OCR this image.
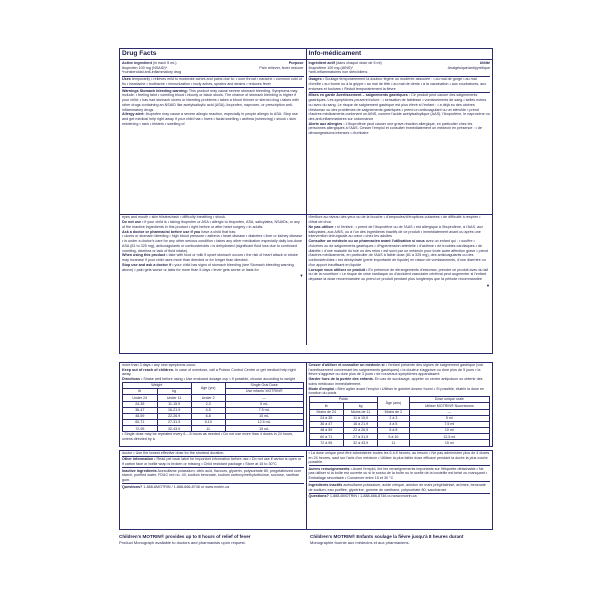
Drug Facts	Info-médicament
Active ingredient (in each 5 mL)	Purpose
Ibuprofen 100 mg (NSAID)*	Pain reliever, fever reducer

*nonsteroidal anti-inflammatory drug

Uses temporarily • relieves mild to moderate aches and pains due to: • sore throat • earache • common cold or flu • headache • toothache • immunization • body aches, sprains and strains • reduces fever

Warnings Stomach bleeding warning: This product may cause severe stomach bleeding. Symptoms may include: • feeling faint • vomiting blood • bloody or black stools. The chance of stomach bleeding is higher if your child: • has had stomach ulcers or bleeding problems • takes a blood thinner or steroid drug • takes with other drugs containing an NSAID like acetylsalicylic acid (ASA), ibuprofen, naproxen, or prescription anti-inflammatory drugs

Allergy alert: Ibuprofen may cause a severe allergic reaction, especially in people allergic to ASA. Stop use and get medical help right away if your child has • hives • facial swelling • asthma (wheezing) • shock • skin reddening • rash • blisters • swelling of

Ingrédient actif (dans chaque dose de 5 ml)	Utilité
Ibuprofène 100 mg (AINS)*	Analgésique/antipyrétique

*anti-inflammatoires non stéroïdiens

Usages • Soulage temporairement la douleur légère ou modérée associée : • au mal de gorge • au mal d'oreille • au rhume ou à la grippe • au mal de tête • au mal de dents • à la vaccination • aux courbatures, aux entorses et foulures • Réduit temporairement la fièvre

Mises en garde Avertissement – saignements gastriques : Ce produit peut causer des saignements gastriques. Les symptômes peuvent inclure : • sensation de faiblesse • vomissements de sang • selles noires ou avec du sang. Le risque de saignement gastrique est plus élevé si l'enfant : • a déjà eu des ulcères d'estomac ou des problèmes de saignements gastriques • prend un anticoagulant ou un stéroïde • prend d'autres médicaments contenant un AINS, comme l'acide acétylsalicylique (AAS), l'ibuprofène, le naproxène ou des anti-inflammatoires sur ordonnance

Alerte aux allergies : L'ibuprofène peut causer une grave réaction allergique, en particulier chez les personnes allergiques à l'AAS. Cesser l'emploi et consulter immédiatement un médecin en présence : • de démangeaisons intenses • d'urticaire

eyes and mouth • skin blisters/rash • difficulty breathing • shock.

Do not use • if your child is • taking ibuprofen or ASA • allergic to ibuprofen, ASA, salicylates, NSAIDs, or any of the inactive ingredients in this product • right before or after heart surgery • in adults.

Ask a doctor or pharmacist before use if you have a child that has:

• ulcers or stomach bleeding • high blood pressure • asthma • heart disease • diabetes • liver or kidney disease • is under a doctor's care for any other serious condition • takes any other medication especially daily low-dose ASA (81 to 325 mg), anticoagulants or corticosteroids • is dehydrated (significant fluid loss due to continued vomiting, diarrhea or lack of fluid intake).

When using this product • take with food or milk if upset stomach occurs • the risk of heart attack or stroke may increase if your child uses more than directed or for longer than directed.

Stop use and ask a doctor if • your child has signs of stomach bleeding (see Stomach bleeding warning above) • pain gets worse or lasts for more than 5 days • fever gets worse or lasts for

▼

d'enflure au niveau des yeux ou de la bouche • d'ampoules/d'éruptions cutanées • de difficulté à respirer • d'état de choc

Ne pas utiliser • si l'enfant : • prend de l'ibuprofène ou de l'AAS • est allergique à l'ibuprofène, à l'AAS, aux salicylates, aux AINS, ou à l'un des ingrédients inactifs de ce produit • immédiatement avant ou après une intervention chirurgicale au cœur • chez les adultes

Consulter un médecin ou un pharmacien avant l'utilisation si vous avez un enfant qui : • souffre • d'ulcères ou de saignements gastriques • d'hypertension artérielle • d'asthme • de troubles cardiaques • de diabète • d'une maladie du foie ou des reins • est suivi par un médecin pour toute autre affection grave • prend d'autres médicaments, en particulier de l'AAS à faible dose (81 à 325 mg), des anticoagulants ou des corticostéroïdes • est déshydraté (perte importante de liquide) en raison de vomissements, d'une diarrhée ou d'un apport insuffisant en liquide

Lorsque vous utilisez ce produit • En présence de dérangements d'estomac, prendre ce produit avec du lait ou de la nourriture • Le risque de crise cardiaque ou d'accident vasculaire cérébral peut augmenter si l'enfant dépasse la dose recommandée ou prend ce produit pendant plus longtemps que la période recommandée

▼

more than 3 days • any new symptoms occur.

Keep out of reach of children. In case of overdose, call a Poison Control Centre or get medical help right away.

Directions • Shake well before using • Use enclosed dosage cup • If possible, choose according to weight

Weight		Age (yrs)	Single Oral Dose
lb	kg		Use infants' MOTRIN®
Under 24	Under 11	Under 2	—
24-35	11-15.9	2-3	5 mL
36-47	16-21.9	4-5	7.5 mL
48-59	22-26.9	6-8	10 mL
60-71	27-31.9	9-10	12.5 mL
72-95	32-43.9	11	15 mL

• Single dose may be repeated every 6 – 8 hours as needed • Do not use more than 4 doses in 24 hours, unless directed by a

Cesser d'utiliser et consulter un médecin si • l'enfant présente des signes de saignement gastrique (voir l'avertissement concernant les saignements gastriques) • la douleur s'aggrave ou dure plus de 5 jours • la fièvre s'aggrave ou dure plus de 3 jours • de nouveaux symptômes apparaissent

Garder hors de la portée des enfants. En cas de surdosage, appeler un centre antipoison ou obtenir des soins médicaux immédiatement.

Mode d'emploi • Bien agiter avant l'emploi • Utiliser le gobelet doseur fourni • Si possible, établir la dose en fonction du poids

Poids		Âge (ans)	Dose unique orale
lb	kg		Utiliser MOTRIN® Nourrissons
Moins de 24	Moins de 11	Moins de 2	—
24 à 35	11 à 15,9	2 à 3	5 ml
36 à 47	16 à 21,9	4 à 5	7,5 ml
48 à 59	22 à 26,9	6 à 8	10 ml
60 à 71	27 à 31,9	9 à 10	12,5 ml
72 à 95	32 à 43,9	11	15 ml

doctor • Use the lowest effective dose for the shortest duration.

Other information • Read pet back label for important information before use • Do not use if carton is open or if carton face or bottle wrap is broken or missing • Child resistant package • Store at 15 to 30°C

Inactive ingredients Acesulfame potassium, citric acid, flavours, glycerin, polysorbate 80, pregelatinized corn starch, purified water, FD&C red no. 40, sodium benzoate, sodium carboxymethylcellulose, sucrose, xanthan gum.

Questions? 1-888-6MOTRIN / 1-888-666-8746 or www.motrin.ca

• La dose unique peut être administrée toutes les 6 à 8 heures, au besoin • Ne pas administrer plus de 4 doses en 24 heures, sauf sur l'avis d'un médecin • Utiliser la plus faible dose efficace pendant la durée la plus courte possible.

Autres renseignements • Avant l'emploi, lire les renseignements importants sur l'étiquette détachable • Ne pas utiliser si la boîte est ouverte ou si le sceau de la boîte ou le scellé de la bouteille est brisé ou manquant • Emballage sécuritaire • Conserver entre 15 et 30 °C

Ingrédients inactifs acésulfame-potassium, acide citrique, amidon de maïs prégélatinisé, arômes, benzoate de sodium, eau purifiée, glycérine, gomme de xanthane, polysorbate 80, saccharose

Questions? 1-888-6MOTRIN / 1-888-666-8746 ou www.motrin.ca

Children's MOTRIN® provides up to 8 hours of relief of fever
Product Monograph available to doctors and pharmacists upon request.
Children's MOTRIN® Enfants soulage la fièvre jusqu'à 8 heures durant
Monographie fournie aux médecins et aux pharmaciens.
